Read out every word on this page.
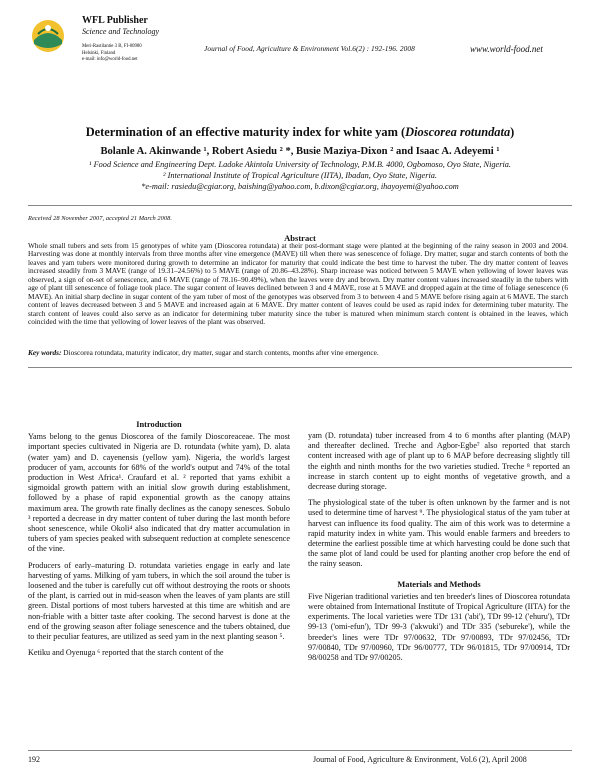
WFL Publisher
Science and Technology
Meri-Rastilantie 3 B, FI-00980
Helsinki, Finland
e-mail: info@world-food.net
Journal of Food, Agriculture & Environment Vol.6(2) : 192-196. 2008	www.world-food.net
Determination of an effective maturity index for white yam (Dioscorea rotundata)
Bolanle A. Akinwande ¹, Robert Asiedu ² *, Busie Maziya-Dixon ² and Isaac A. Adeyemi ¹
¹ Food Science and Engineering Dept. Ladoke Akintola University of Technology, P.M.B. 4000, Ogbomoso, Oyo State, Nigeria.
² International Institute of Tropical Agriculture (IITA), Ibadan, Oyo State, Nigeria.
*e-mail: rasiedu@cgiar.org, baishing@yahoo.com, b.dixon@cgiar.org, ihayoyemi@yahoo.com
Received 28 November 2007, accepted 21 March 2008.
Abstract
Whole small tubers and sets from 15 genotypes of white yam (Dioscorea rotundata) at their post-dormant stage were planted at the beginning of the rainy season in 2003 and 2004. Harvesting was done at monthly intervals from three months after vine emergence (MAVE) till when there was senescence of foliage. Dry matter, sugar and starch contents of both the leaves and yam tubers were monitored during growth to determine an indicator for maturity that could indicate the best time to harvest the tuber. The dry matter content of leaves increased steadily from 3 MAVE (range of 19.31–24.56%) to 5 MAVE (range of 20.86–43.28%). Sharp increase was noticed between 5 MAVE when yellowing of lower leaves was observed, a sign of on-set of senescence, and 6 MAVE (range of 78.16–90.49%), when the leaves were dry and brown. Dry matter content values increased steadily in the tubers with age of plant till senescence of foliage took place. The sugar content of leaves declined between 3 and 4 MAVE, rose at 5 MAVE and dropped again at the time of foliage senescence (6 MAVE). An initial sharp decline in sugar content of the yam tuber of most of the genotypes was observed from 3 to between 4 and 5 MAVE before rising again at 6 MAVE. The starch content of leaves decreased between 3 and 5 MAVE and increased again at 6 MAVE. Dry matter content of leaves could be used as rapid index for determining tuber maturity. The starch content of leaves could also serve as an indicator for determining tuber maturity since the tuber is matured when minimum starch content is obtained in the leaves, which coincided with the time that yellowing of lower leaves of the plant was observed.
Key words: Dioscorea rotundata, maturity indicator, dry matter, sugar and starch contents, months after vine emergence.
Introduction

Yams belong to the genus Dioscorea of the family Dioscoreaceae. The most important species cultivated in Nigeria are D. rotundata (white yam), D. alata (water yam) and D. cayenensis (yellow yam). Nigeria, the world's largest producer of yam, accounts for 68% of the world's output and 74% of the total production in West Africa¹. Craufard et al. ² reported that yams exhibit a sigmoidal growth pattern with an initial slow growth during establishment, followed by a phase of rapid exponential growth as the canopy attains maximum area. The growth rate finally declines as the canopy senesces. Sobulo ³ reported a decrease in dry matter content of tuber during the last month before shoot senescence, while Okoli⁴ also indicated that dry matter accumulation in tubers of yam species peaked with subsequent reduction at complete senescence of the vine.

Producers of early–maturing D. rotundata varieties engage in early and late harvesting of yams. Milking of yam tubers, in which the soil around the tuber is loosened and the tuber is carefully cut off without destroying the roots or shoots of the plant, is carried out in mid-season when the leaves of yam plants are still green. Distal portions of most tubers harvested at this time are whitish and are non-friable with a bitter taste after cooking. The second harvest is done at the end of the growing season after foliage senescence and the tubers obtained, due to their peculiar features, are utilized as seed yam in the next planting season ⁵.

Ketiku and Oyenuga ⁶ reported that the starch content of the

yam (D. rotundata) tuber increased from 4 to 6 months after planting (MAP) and thereafter declined. Treche and Agbor-Egbe⁷ also reported that starch content increased with age of plant up to 6 MAP before decreasing slightly till the eighth and ninth months for the two varieties studied. Treche ⁸ reported an increase in starch content up to eight months of vegetative growth, and a decrease during storage.

The physiological state of the tuber is often unknown by the farmer and is not used to determine time of harvest ⁹. The physiological status of the yam tuber at harvest can influence its food quality. The aim of this work was to determine a rapid maturity index in white yam. This would enable farmers and breeders to determine the earliest possible time at which harvesting could be done such that the same plot of land could be used for planting another crop before the end of the rainy season.

Materials and Methods

Five Nigerian traditional varieties and ten breeder's lines of Dioscorea rotundata were obtained from International Institute of Tropical Agriculture (IITA) for the experiments. The local varieties were TDr 131 ('abi'), TDr 99-12 ('ehuru'), TDr 99-13 ('omi-efun'), TDr 99-3 ('akwuki') and TDr 335 ('sebureke'), while the breeder's lines were TDr 97/00632, TDr 97/00893, TDr 97/02456, TDr 97/00840, TDr 97/00960, TDr 96/00777, TDr 96/01815, TDr 97/00914, TDr 98/00258 and TDr 97/00205.

192	Journal of Food, Agriculture & Environment, Vol.6 (2), April 2008
